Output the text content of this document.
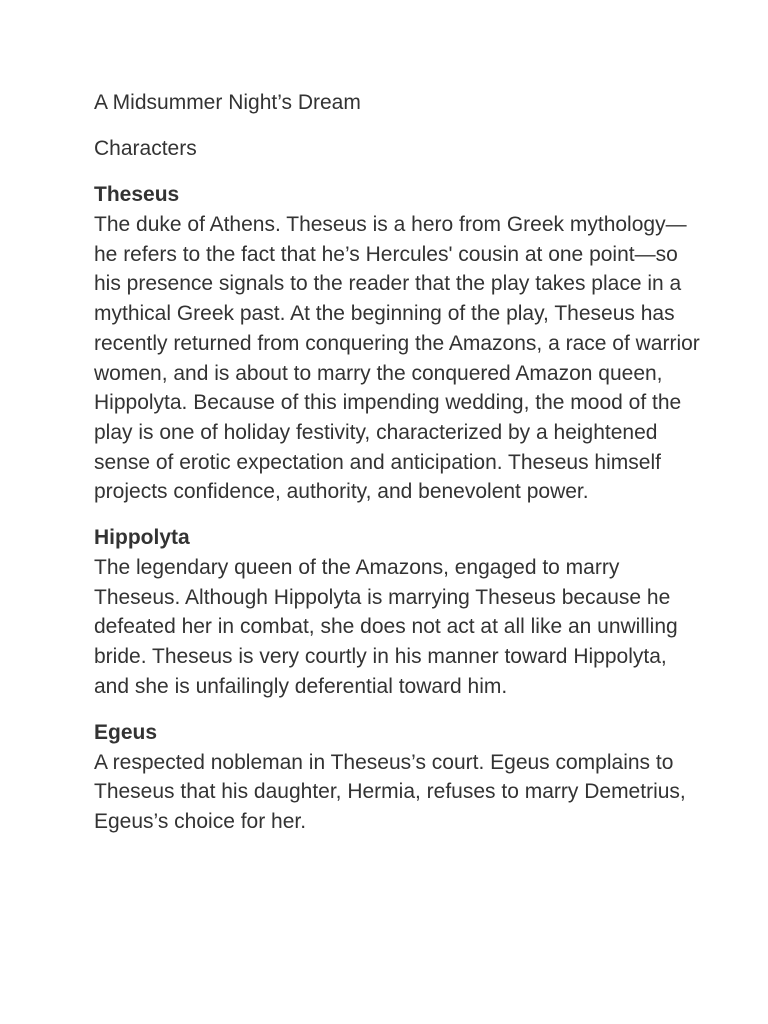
A Midsummer Night’s Dream
Characters

Theseus

The duke of Athens. Theseus is a hero from Greek mythology—he refers to the fact that he’s Hercules' cousin at one point—so his presence signals to the reader that the play takes place in a mythical Greek past. At the beginning of the play, Theseus has recently returned from conquering the Amazons, a race of warrior women, and is about to marry the conquered Amazon queen, Hippolyta. Because of this impending wedding, the mood of the play is one of holiday festivity, characterized by a heightened sense of erotic expectation and anticipation. Theseus himself projects confidence, authority, and benevolent power.

Hippolyta

The legendary queen of the Amazons, engaged to marry Theseus. Although Hippolyta is marrying Theseus because he defeated her in combat, she does not act at all like an unwilling bride. Theseus is very courtly in his manner toward Hippolyta, and she is unfailingly deferential toward him.

Egeus

A respected nobleman in Theseus’s court. Egeus complains to Theseus that his daughter, Hermia, refuses to marry Demetrius, Egeus’s choice for her.
